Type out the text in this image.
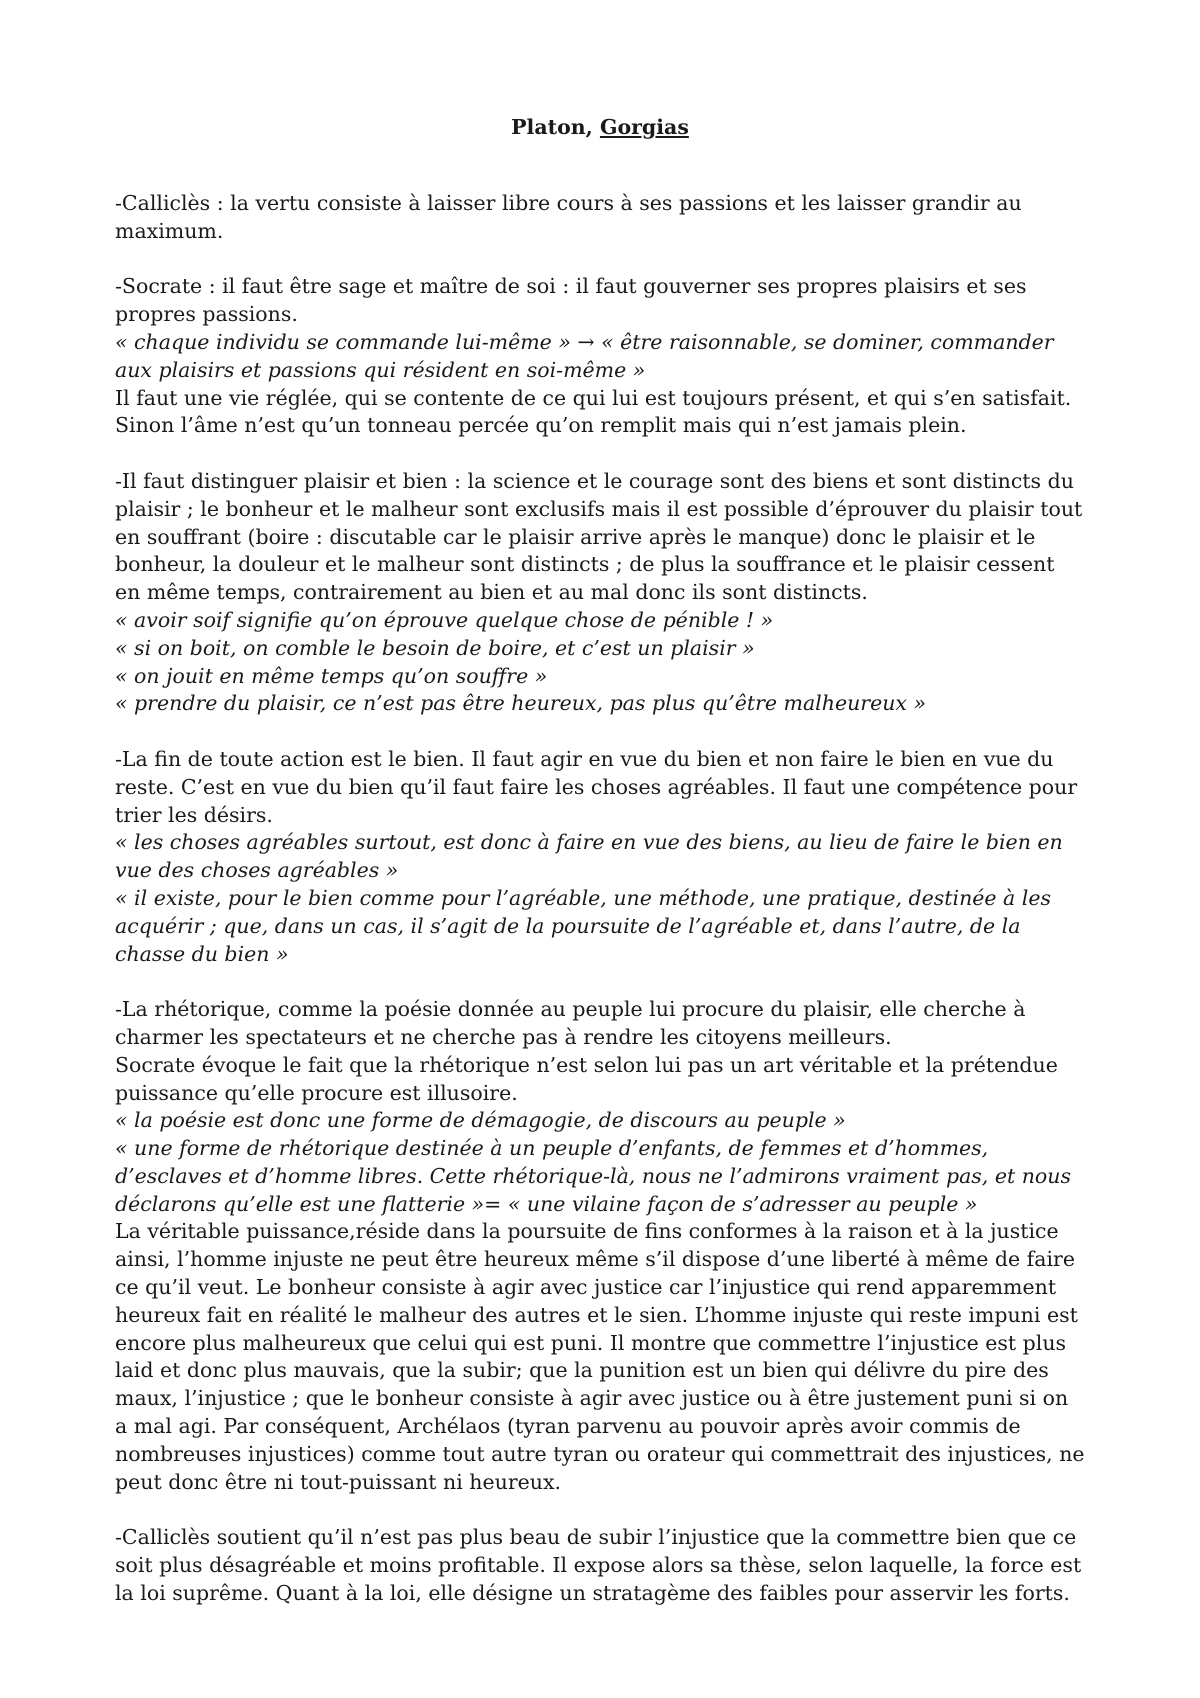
Platon, Gorgias

-Calliclès : la vertu consiste à laisser libre cours à ses passions et les laisser grandir au maximum.

-Socrate : il faut être sage et maître de soi : il faut gouverner ses propres plaisirs et ses propres passions.

« chaque individu se commande lui-même » → « être raisonnable, se dominer, commander aux plaisirs et passions qui résident en soi-même »

Il faut une vie réglée, qui se contente de ce qui lui est toujours présent, et qui s’en satisfait. Sinon l’âme n’est qu’un tonneau percée qu’on remplit mais qui n’est jamais plein.

-Il faut distinguer plaisir et bien : la science et le courage sont des biens et sont distincts du plaisir ; le bonheur et le malheur sont exclusifs mais il est possible d’éprouver du plaisir tout en souffrant (boire : discutable car le plaisir arrive après le manque) donc le plaisir et le bonheur, la douleur et le malheur sont distincts ; de plus la souffrance et le plaisir cessent en même temps, contrairement au bien et au mal donc ils sont distincts.

« avoir soif signifie qu’on éprouve quelque chose de pénible ! »

« si on boit, on comble le besoin de boire, et c’est un plaisir »

« on jouit en même temps qu’on souffre »

« prendre du plaisir, ce n’est pas être heureux, pas plus qu’être malheureux »

-La fin de toute action est le bien. Il faut agir en vue du bien et non faire le bien en vue du reste. C’est en vue du bien qu’il faut faire les choses agréables. Il faut une compétence pour trier les désirs.

« les choses agréables surtout, est donc à faire en vue des biens, au lieu de faire le bien en vue des choses agréables »

« il existe, pour le bien comme pour l’agréable, une méthode, une pratique, destinée à les acquérir ; que, dans un cas, il s’agit de la poursuite de l’agréable et, dans l’autre, de la chasse du bien »

-La rhétorique, comme la poésie donnée au peuple lui procure du plaisir, elle cherche à charmer les spectateurs et ne cherche pas à rendre les citoyens meilleurs.

Socrate évoque le fait que la rhétorique n’est selon lui pas un art véritable et la prétendue puissance qu’elle procure est illusoire.

« la poésie est donc une forme de démagogie, de discours au peuple »

« une forme de rhétorique destinée à un peuple d’enfants, de femmes et d’hommes, d’esclaves et d’homme libres. Cette rhétorique-là, nous ne l’admirons vraiment pas, et nous déclarons qu’elle est une flatterie »= « une vilaine façon de s’adresser au peuple »

La véritable puissance,réside dans la poursuite de fins conformes à la raison et à la justice ainsi, l’homme injuste ne peut être heureux même s’il dispose d’une liberté à même de faire ce qu’il veut. Le bonheur consiste à agir avec justice car l’injustice qui rend apparemment heureux fait en réalité le malheur des autres et le sien. L’homme injuste qui reste impuni est encore plus malheureux que celui qui est puni. Il montre que commettre l’injustice est plus laid et donc plus mauvais, que la subir; que la punition est un bien qui délivre du pire des maux, l’injustice ; que le bonheur consiste à agir avec justice ou à être justement puni si on a mal agi. Par conséquent, Archélaos (tyran parvenu au pouvoir après avoir commis de nombreuses injustices) comme tout autre tyran ou orateur qui commettrait des injustices, ne peut donc être ni tout-puissant ni heureux.

-Calliclès soutient qu’il n’est pas plus beau de subir l’injustice que la commettre bien que ce soit plus désagréable et moins profitable. Il expose alors sa thèse, selon laquelle, la force est la loi suprême. Quant à la loi, elle désigne un stratagème des faibles pour asservir les forts.
